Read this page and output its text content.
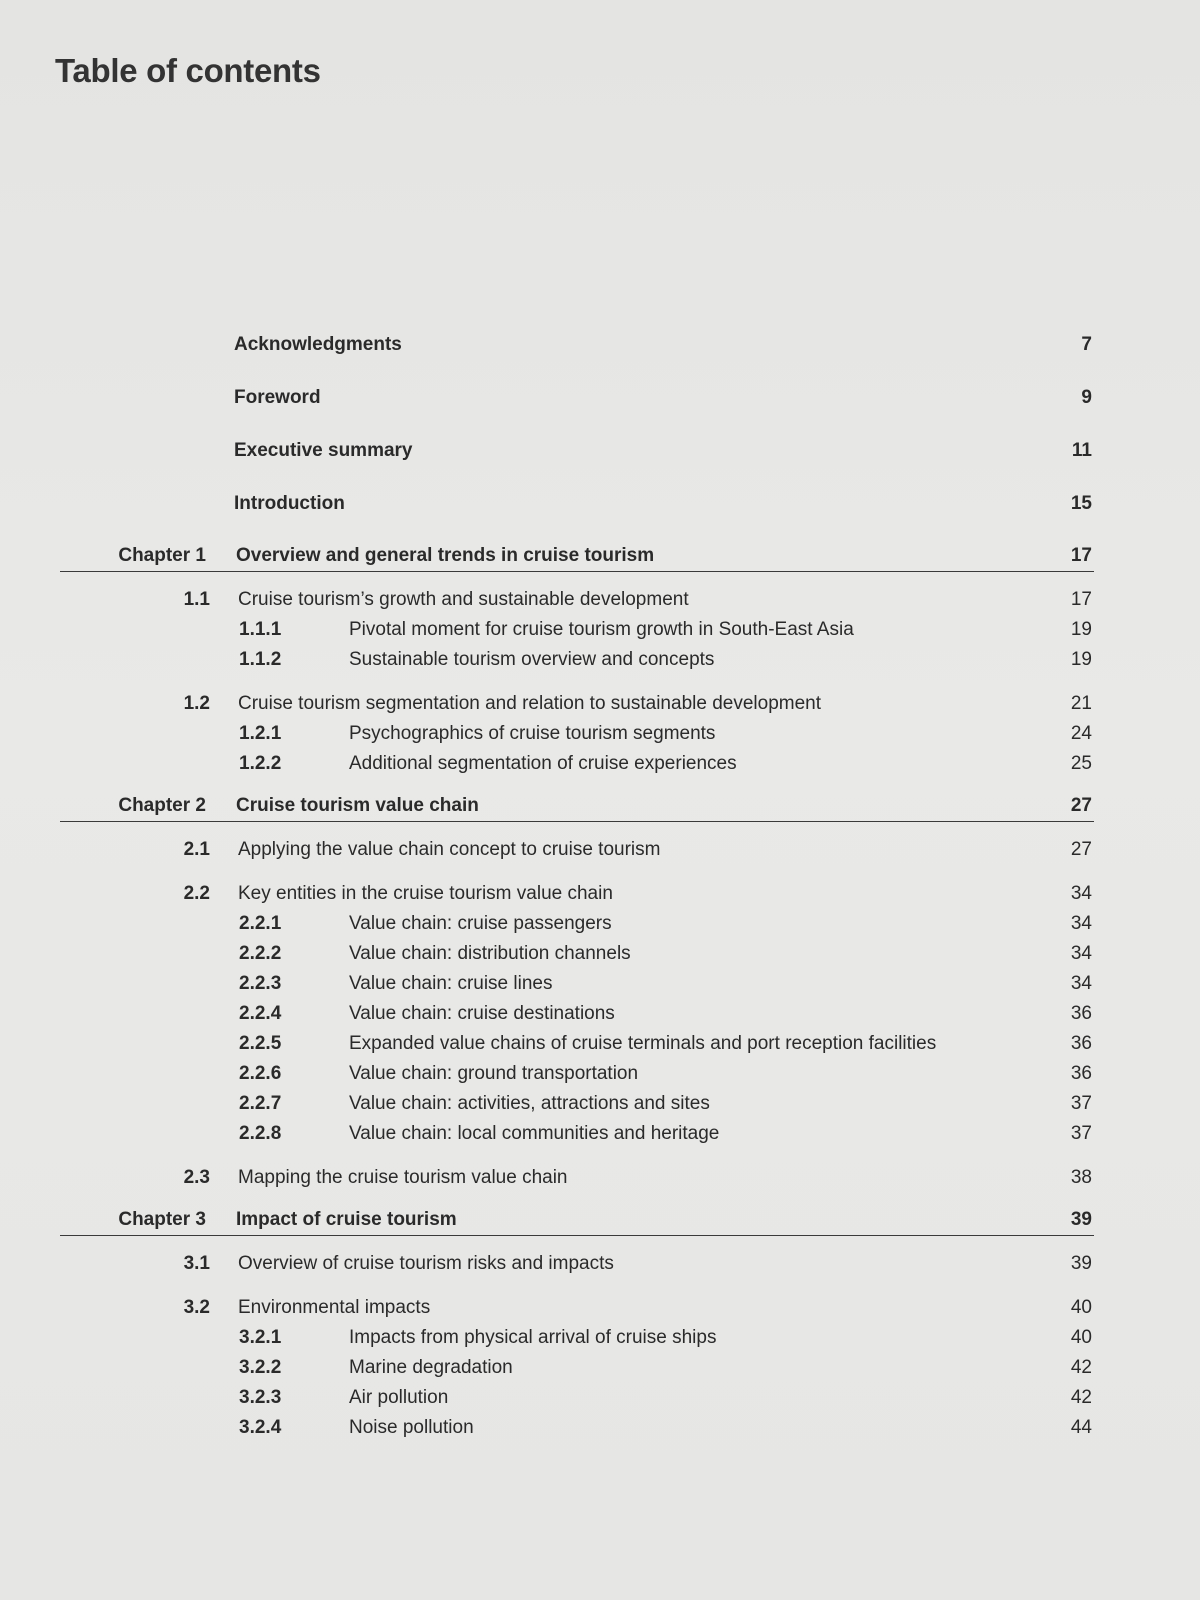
Table of contents
Acknowledgments	7
Foreword	9
Executive summary	11
Introduction	15
Chapter 1 Overview and general trends in cruise tourism	17
1.1 Cruise tourism’s growth and sustainable development	17
1.1.1	Pivotal moment for cruise tourism growth in South-East Asia	19
1.1.2	Sustainable tourism overview and concepts	19
1.2 Cruise tourism segmentation and relation to sustainable development	21
1.2.1	Psychographics of cruise tourism segments	24
1.2.2	Additional segmentation of cruise experiences	25
Chapter 2 Cruise tourism value chain	27
2.1 Applying the value chain concept to cruise tourism	27
2.2 Key entities in the cruise tourism value chain	34
2.2.1	Value chain: cruise passengers	34
2.2.2	Value chain: distribution channels	34
2.2.3	Value chain: cruise lines	34
2.2.4	Value chain: cruise destinations	36
2.2.5	Expanded value chains of cruise terminals and port reception facilities	36
2.2.6	Value chain: ground transportation	36
2.2.7	Value chain: activities, attractions and sites	37
2.2.8	Value chain: local communities and heritage	37
2.3 Mapping the cruise tourism value chain	38
Chapter 3 Impact of cruise tourism	39
3.1 Overview of cruise tourism risks and impacts	39
3.2 Environmental impacts	40
3.2.1	Impacts from physical arrival of cruise ships	40
3.2.2	Marine degradation	42
3.2.3	Air pollution	42
3.2.4	Noise pollution	44
